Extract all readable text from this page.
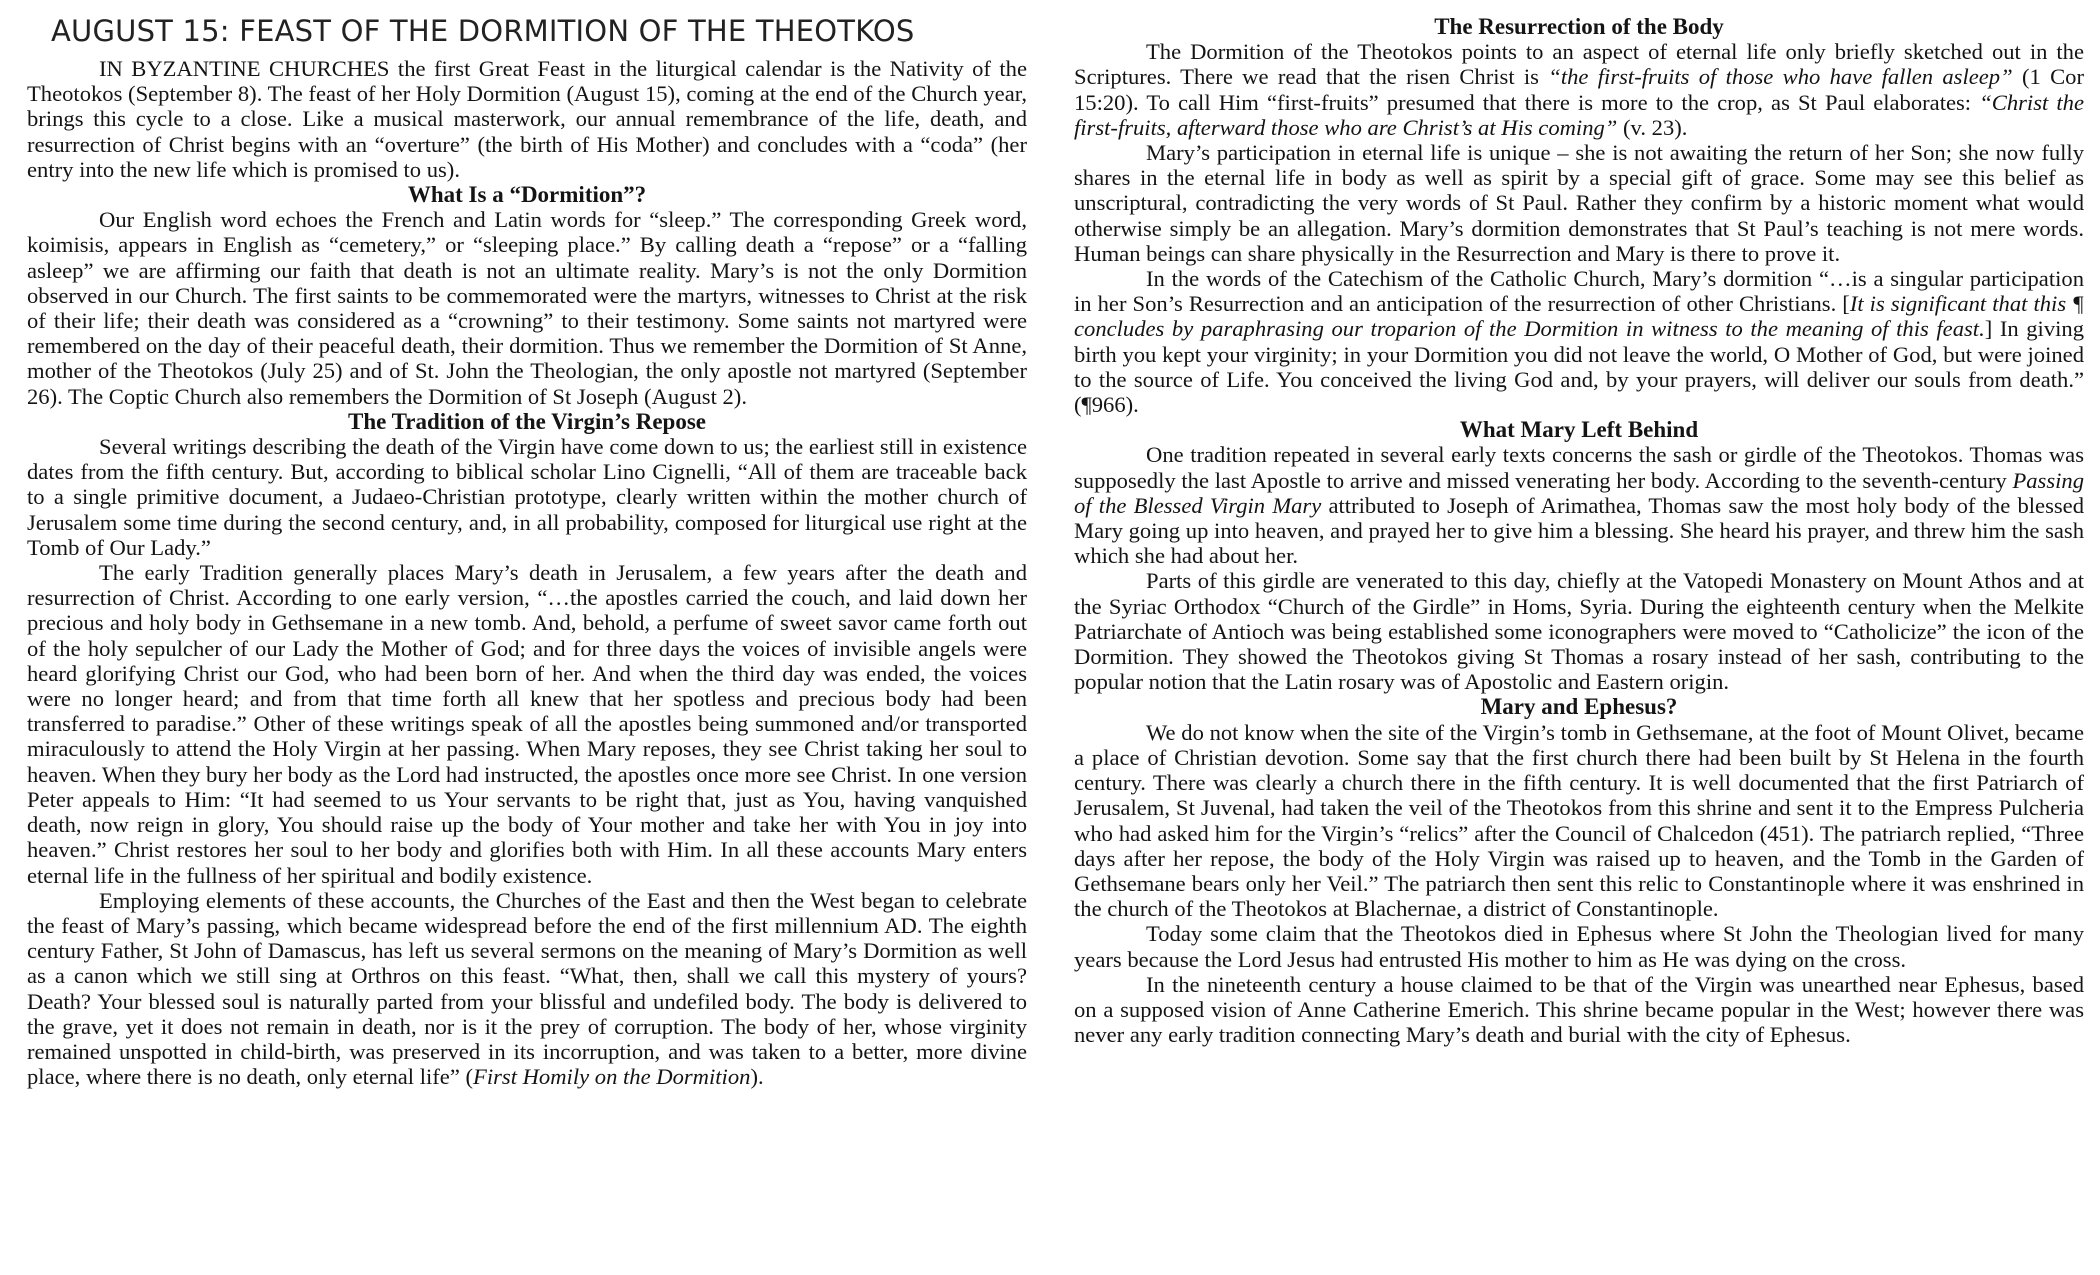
AUGUST 15: FEAST OF THE DORMITION OF THE THEOTKOS

IN BYZANTINE CHURCHES the first Great Feast in the liturgical calendar is the Nativity of the Theotokos (September 8). The feast of her Holy Dormition (August 15), coming at the end of the Church year, brings this cycle to a close. Like a musical masterwork, our annual remembrance of the life, death, and resurrection of Christ begins with an “overture” (the birth of His Mother) and concludes with a “coda” (her entry into the new life which is promised to us).

What Is a “Dormition”?

Our English word echoes the French and Latin words for “sleep.” The corresponding Greek word, koimisis, appears in English as “cemetery,” or “sleeping place.” By calling death a “repose” or a “falling asleep” we are affirming our faith that death is not an ultimate reality. Mary’s is not the only Dormition observed in our Church. The first saints to be commemorated were the martyrs, witnesses to Christ at the risk of their life; their death was considered as a “crowning” to their testimony. Some saints not martyred were remembered on the day of their peaceful death, their dormition. Thus we remember the Dormition of St Anne, mother of the Theotokos (July 25) and of St. John the Theologian, the only apostle not martyred (September 26). The Coptic Church also remembers the Dormition of St Joseph (August 2).

The Tradition of the Virgin’s Repose

Several writings describing the death of the Virgin have come down to us; the earliest still in existence dates from the fifth century. But, according to biblical scholar Lino Cignelli, “All of them are traceable back to a single primitive document, a Judaeo-Christian prototype, clearly written within the mother church of Jerusalem some time during the second century, and, in all probability, composed for liturgical use right at the Tomb of Our Lady.”

The early Tradition generally places Mary’s death in Jerusalem, a few years after the death and resurrection of Christ. According to one early version, “…the apostles carried the couch, and laid down her precious and holy body in Gethsemane in a new tomb. And, behold, a perfume of sweet savor came forth out of the holy sepulcher of our Lady the Mother of God; and for three days the voices of invisible angels were heard glorifying Christ our God, who had been born of her. And when the third day was ended, the voices were no longer heard; and from that time forth all knew that her spotless and precious body had been transferred to paradise.” Other of these writings speak of all the apostles being summoned and/or transported miraculously to attend the Holy Virgin at her passing. When Mary reposes, they see Christ taking her soul to heaven. When they bury her body as the Lord had instructed, the apostles once more see Christ. In one version Peter appeals to Him: “It had seemed to us Your servants to be right that, just as You, having vanquished death, now reign in glory, You should raise up the body of Your mother and take her with You in joy into heaven.” Christ restores her soul to her body and glorifies both with Him. In all these accounts Mary enters eternal life in the fullness of her spiritual and bodily existence.

Employing elements of these accounts, the Churches of the East and then the West began to celebrate the feast of Mary’s passing, which became widespread before the end of the first millennium AD. The eighth century Father, St John of Damascus, has left us several sermons on the meaning of Mary’s Dormition as well as a canon which we still sing at Orthros on this feast. “What, then, shall we call this mystery of yours? Death? Your blessed soul is naturally parted from your blissful and undefiled body. The body is delivered to the grave, yet it does not remain in death, nor is it the prey of corruption. The body of her, whose virginity remained unspotted in child-birth, was preserved in its incorruption, and was taken to a better, more divine place, where there is no death, only eternal life” (First Homily on the Dormition).

The Resurrection of the Body

The Dormition of the Theotokos points to an aspect of eternal life only briefly sketched out in the Scriptures. There we read that the risen Christ is “the first-fruits of those who have fallen asleep” (1 Cor 15:20). To call Him “first-fruits” presumed that there is more to the crop, as St Paul elaborates: “Christ the first-fruits, afterward those who are Christ’s at His coming” (v. 23).

Mary’s participation in eternal life is unique – she is not awaiting the return of her Son; she now fully shares in the eternal life in body as well as spirit by a special gift of grace. Some may see this belief as unscriptural, contradicting the very words of St Paul. Rather they confirm by a historic moment what would otherwise simply be an allegation. Mary’s dormition demonstrates that St Paul’s teaching is not mere words. Human beings can share physically in the Resurrection and Mary is there to prove it.

In the words of the Catechism of the Catholic Church, Mary’s dormition “…is a singular participation in her Son’s Resurrection and an anticipation of the resurrection of other Christians. [It is significant that this ¶ concludes by paraphrasing our troparion of the Dormition in witness to the meaning of this feast.] In giving birth you kept your virginity; in your Dormition you did not leave the world, O Mother of God, but were joined to the source of Life. You conceived the living God and, by your prayers, will deliver our souls from death.” (¶966).

What Mary Left Behind

One tradition repeated in several early texts concerns the sash or girdle of the Theotokos. Thomas was supposedly the last Apostle to arrive and missed venerating her body. According to the seventh-century Passing of the Blessed Virgin Mary attributed to Joseph of Arimathea, Thomas saw the most holy body of the blessed Mary going up into heaven, and prayed her to give him a blessing. She heard his prayer, and threw him the sash which she had about her.

Parts of this girdle are venerated to this day, chiefly at the Vatopedi Monastery on Mount Athos and at the Syriac Orthodox “Church of the Girdle” in Homs, Syria. During the eighteenth century when the Melkite Patriarchate of Antioch was being established some iconographers were moved to “Catholicize” the icon of the Dormition. They showed the Theotokos giving St Thomas a rosary instead of her sash, contributing to the popular notion that the Latin rosary was of Apostolic and Eastern origin.

Mary and Ephesus?

We do not know when the site of the Virgin’s tomb in Gethsemane, at the foot of Mount Olivet, became a place of Christian devotion. Some say that the first church there had been built by St Helena in the fourth century. There was clearly a church there in the fifth century. It is well documented that the first Patriarch of Jerusalem, St Juvenal, had taken the veil of the Theotokos from this shrine and sent it to the Empress Pulcheria who had asked him for the Virgin’s “relics” after the Council of Chalcedon (451). The patriarch replied, “Three days after her repose, the body of the Holy Virgin was raised up to heaven, and the Tomb in the Garden of Gethsemane bears only her Veil.” The patriarch then sent this relic to Constantinople where it was enshrined in the church of the Theotokos at Blachernae, a district of Constantinople.

Today some claim that the Theotokos died in Ephesus where St John the Theologian lived for many years because the Lord Jesus had entrusted His mother to him as He was dying on the cross.

In the nineteenth century a house claimed to be that of the Virgin was unearthed near Ephesus, based on a supposed vision of Anne Catherine Emerich. This shrine became popular in the West; however there was never any early tradition connecting Mary’s death and burial with the city of Ephesus.
